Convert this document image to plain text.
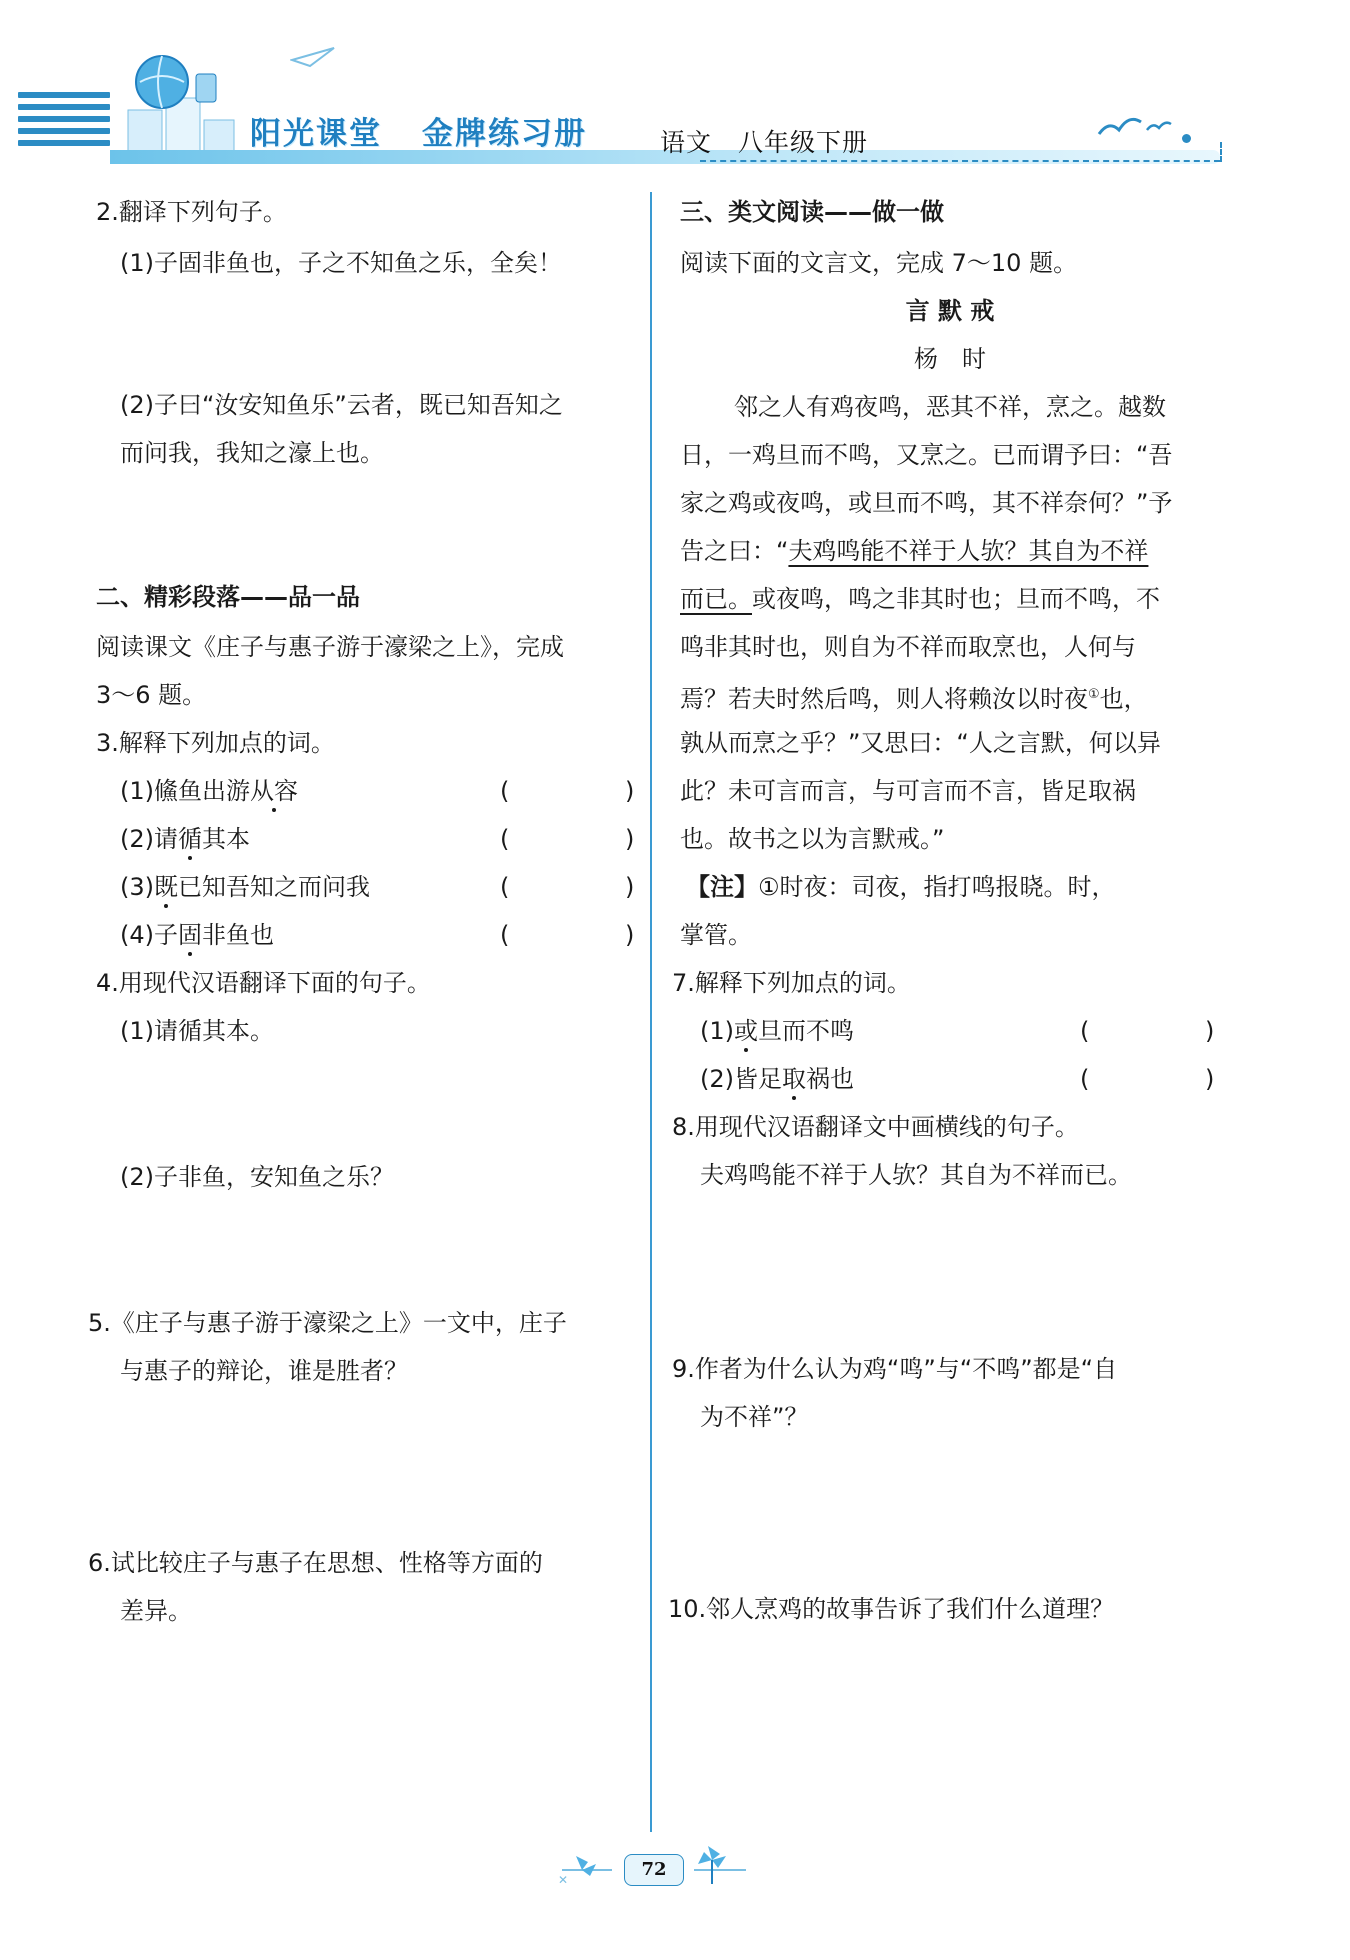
阳光课堂 金牌练习册	语文　八年级下册
2.翻译下列句子。
(1)子固非鱼也，子之不知鱼之乐，全矣！
(2)子曰“汝安知鱼乐”云者，既已知吾知之
而问我，我知之濠上也。
二、精彩段落——品一品
阅读课文《庄子与惠子游于濠梁之上》，完成
3～6 题。
3.解释下列加点的词。
(1)鯈鱼出游从容	(	)
(2)请循其本	(	)
(3)既已知吾知之而问我	(	)
(4)子固非鱼也	(	)
4.用现代汉语翻译下面的句子。
(1)请循其本。
(2)子非鱼，安知鱼之乐？
5.《庄子与惠子游于濠梁之上》一文中，庄子
与惠子的辩论，谁是胜者？
6.试比较庄子与惠子在思想、性格等方面的
差异。
三、类文阅读——做一做
阅读下面的文言文，完成 7～10 题。
言 默 戒
杨　时
邻之人有鸡夜鸣，恶其不祥，烹之。越数
日，一鸡旦而不鸣，又烹之。已而谓予曰：“吾
家之鸡或夜鸣，或旦而不鸣，其不祥奈何？”予
告之曰：“夫鸡鸣能不祥于人欤？其自为不祥
而已。或夜鸣，鸣之非其时也；旦而不鸣，不
鸣非其时也，则自为不祥而取烹也，人何与
焉？若夫时然后鸣，则人将赖汝以时夜①也，
孰从而烹之乎？”又思曰：“人之言默，何以异
此？未可言而言，与可言而不言，皆足取祸
也。故书之以为言默戒。”
【注】①时夜：司夜，指打鸣报晓。时，
掌管。
7.解释下列加点的词。
(1)或旦而不鸣	(	)
(2)皆足取祸也	(	)
8.用现代汉语翻译文中画横线的句子。
夫鸡鸣能不祥于人欤？其自为不祥而已。
9.作者为什么认为鸡“鸣”与“不鸣”都是“自
为不祥”？
10.邻人烹鸡的故事告诉了我们什么道理？
✕	72
